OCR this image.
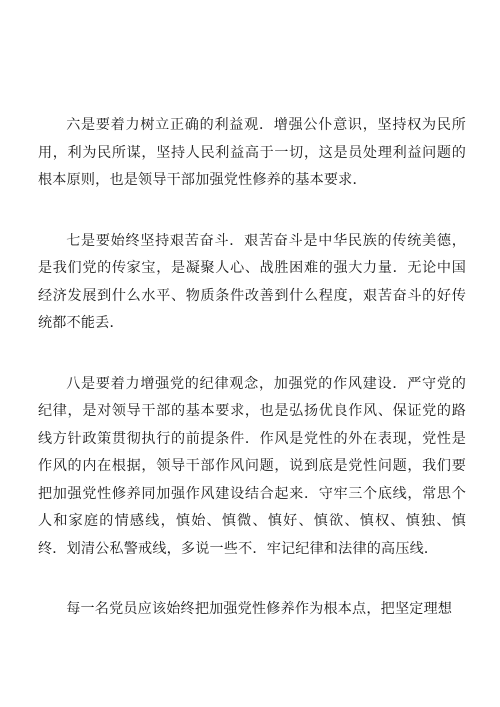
六是要着力树立正确的利益观．增强公仆意识，坚持权为民所用，利为民所谋，坚持人民利益高于一切，这是员处理利益问题的根本原则，也是领导干部加强党性修养的基本要求．

七是要始终坚持艰苦奋斗．艰苦奋斗是中华民族的传统美德，是我们党的传家宝，是凝聚人心、战胜困难的强大力量．无论中国经济发展到什么水平、物质条件改善到什么程度，艰苦奋斗的好传统都不能丢．

八是要着力增强党的纪律观念，加强党的作风建设．严守党的纪律，是对领导干部的基本要求，也是弘扬优良作风、保证党的路线方针政策贯彻执行的前提条件．作风是党性的外在表现，党性是作风的内在根据，领导干部作风问题，说到底是党性问题，我们要把加强党性修养同加强作风建设结合起来．守牢三个底线，常思个人和家庭的情感线，慎始、慎微、慎好、慎欲、慎权、慎独、慎终．划清公私警戒线，多说一些不．牢记纪律和法律的高压线．

每一名党员应该始终把加强党性修养作为根本点，把坚定理想
